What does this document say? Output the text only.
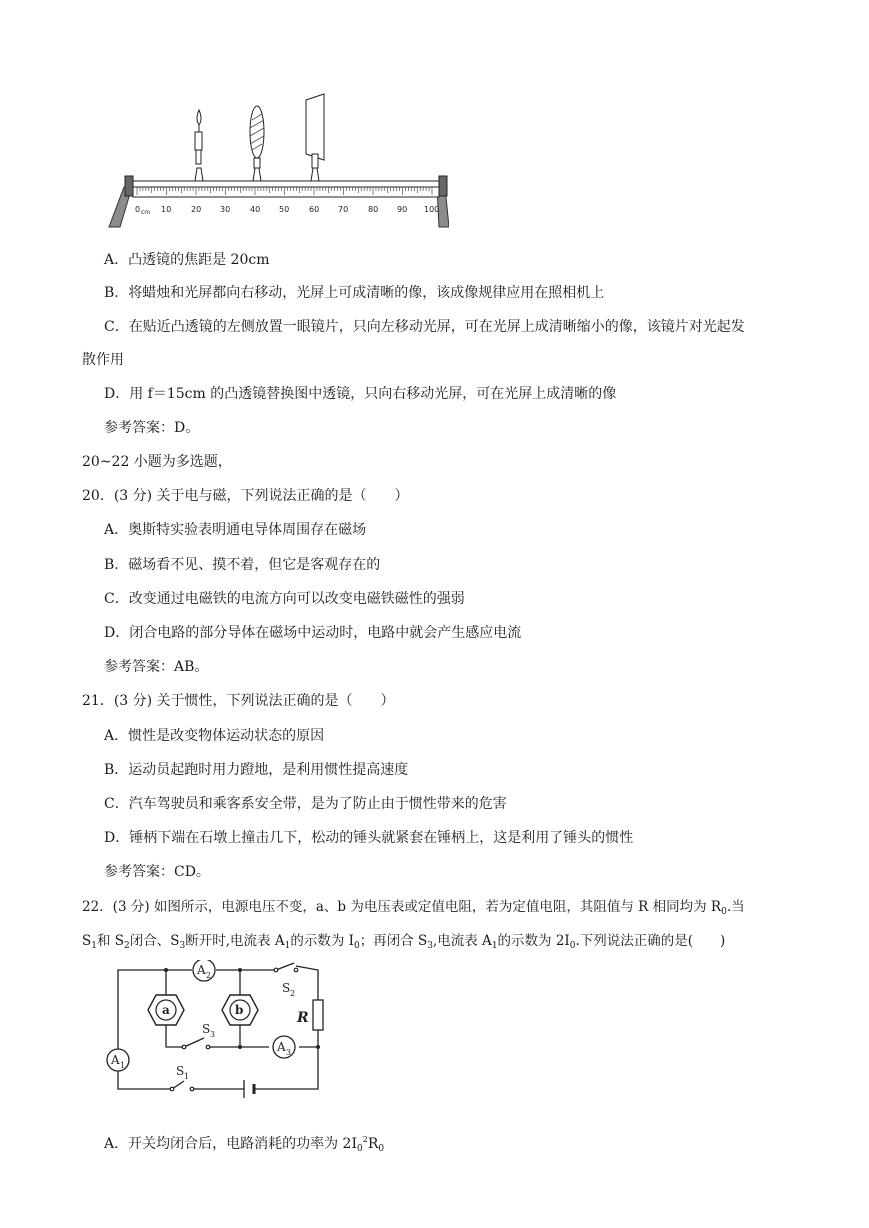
0 cm 10 20 30 40 50 60 70 80 90 100
A．凸透镜的焦距是 20cm
B．将蜡烛和光屏都向右移动，光屏上可成清晰的像，该成像规律应用在照相机上
C．在贴近凸透镜的左侧放置一眼镜片，只向左移动光屏，可在光屏上成清晰缩小的像，该镜片对光起发
散作用
D．用 f＝15cm 的凸透镜替换图中透镜，只向右移动光屏，可在光屏上成清晰的像
参考答案：D。
20~22 小题为多选题，
20．(3 分) 关于电与磁，下列说法正确的是（　　）
A．奥斯特实验表明通电导体周围存在磁场
B．磁场看不见、摸不着，但它是客观存在的
C．改变通过电磁铁的电流方向可以改变电磁铁磁性的强弱
D．闭合电路的部分导体在磁场中运动时，电路中就会产生感应电流
参考答案：AB。
21．(3 分) 关于惯性，下列说法正确的是（　　）
A．惯性是改变物体运动状态的原因
B．运动员起跑时用力蹬地，是利用惯性提高速度
C．汽车驾驶员和乘客系安全带，是为了防止由于惯性带来的危害
D．锤柄下端在石墩上撞击几下，松动的锤头就紧套在锤柄上，这是利用了锤头的惯性
参考答案：CD。
22．(3 分) 如图所示，电源电压不变，a、b 为电压表或定值电阻，若为定值电阻，其阻值与 R 相同均为 $R_0$.当
$S_1$和 $S_2$闭合、$S_3$断开时,电流表 $A_1$的示数为 $I_0$；再闭合 $S_3$,电流表 $A_1$的示数为 $2I_0$.下列说法正确的是(　　)
a	b	R
A 1
A 2
A 3
S 1
S 2
S 3
A．开关均闭合后，电路消耗的功率为 $2I_0^2R_0$
